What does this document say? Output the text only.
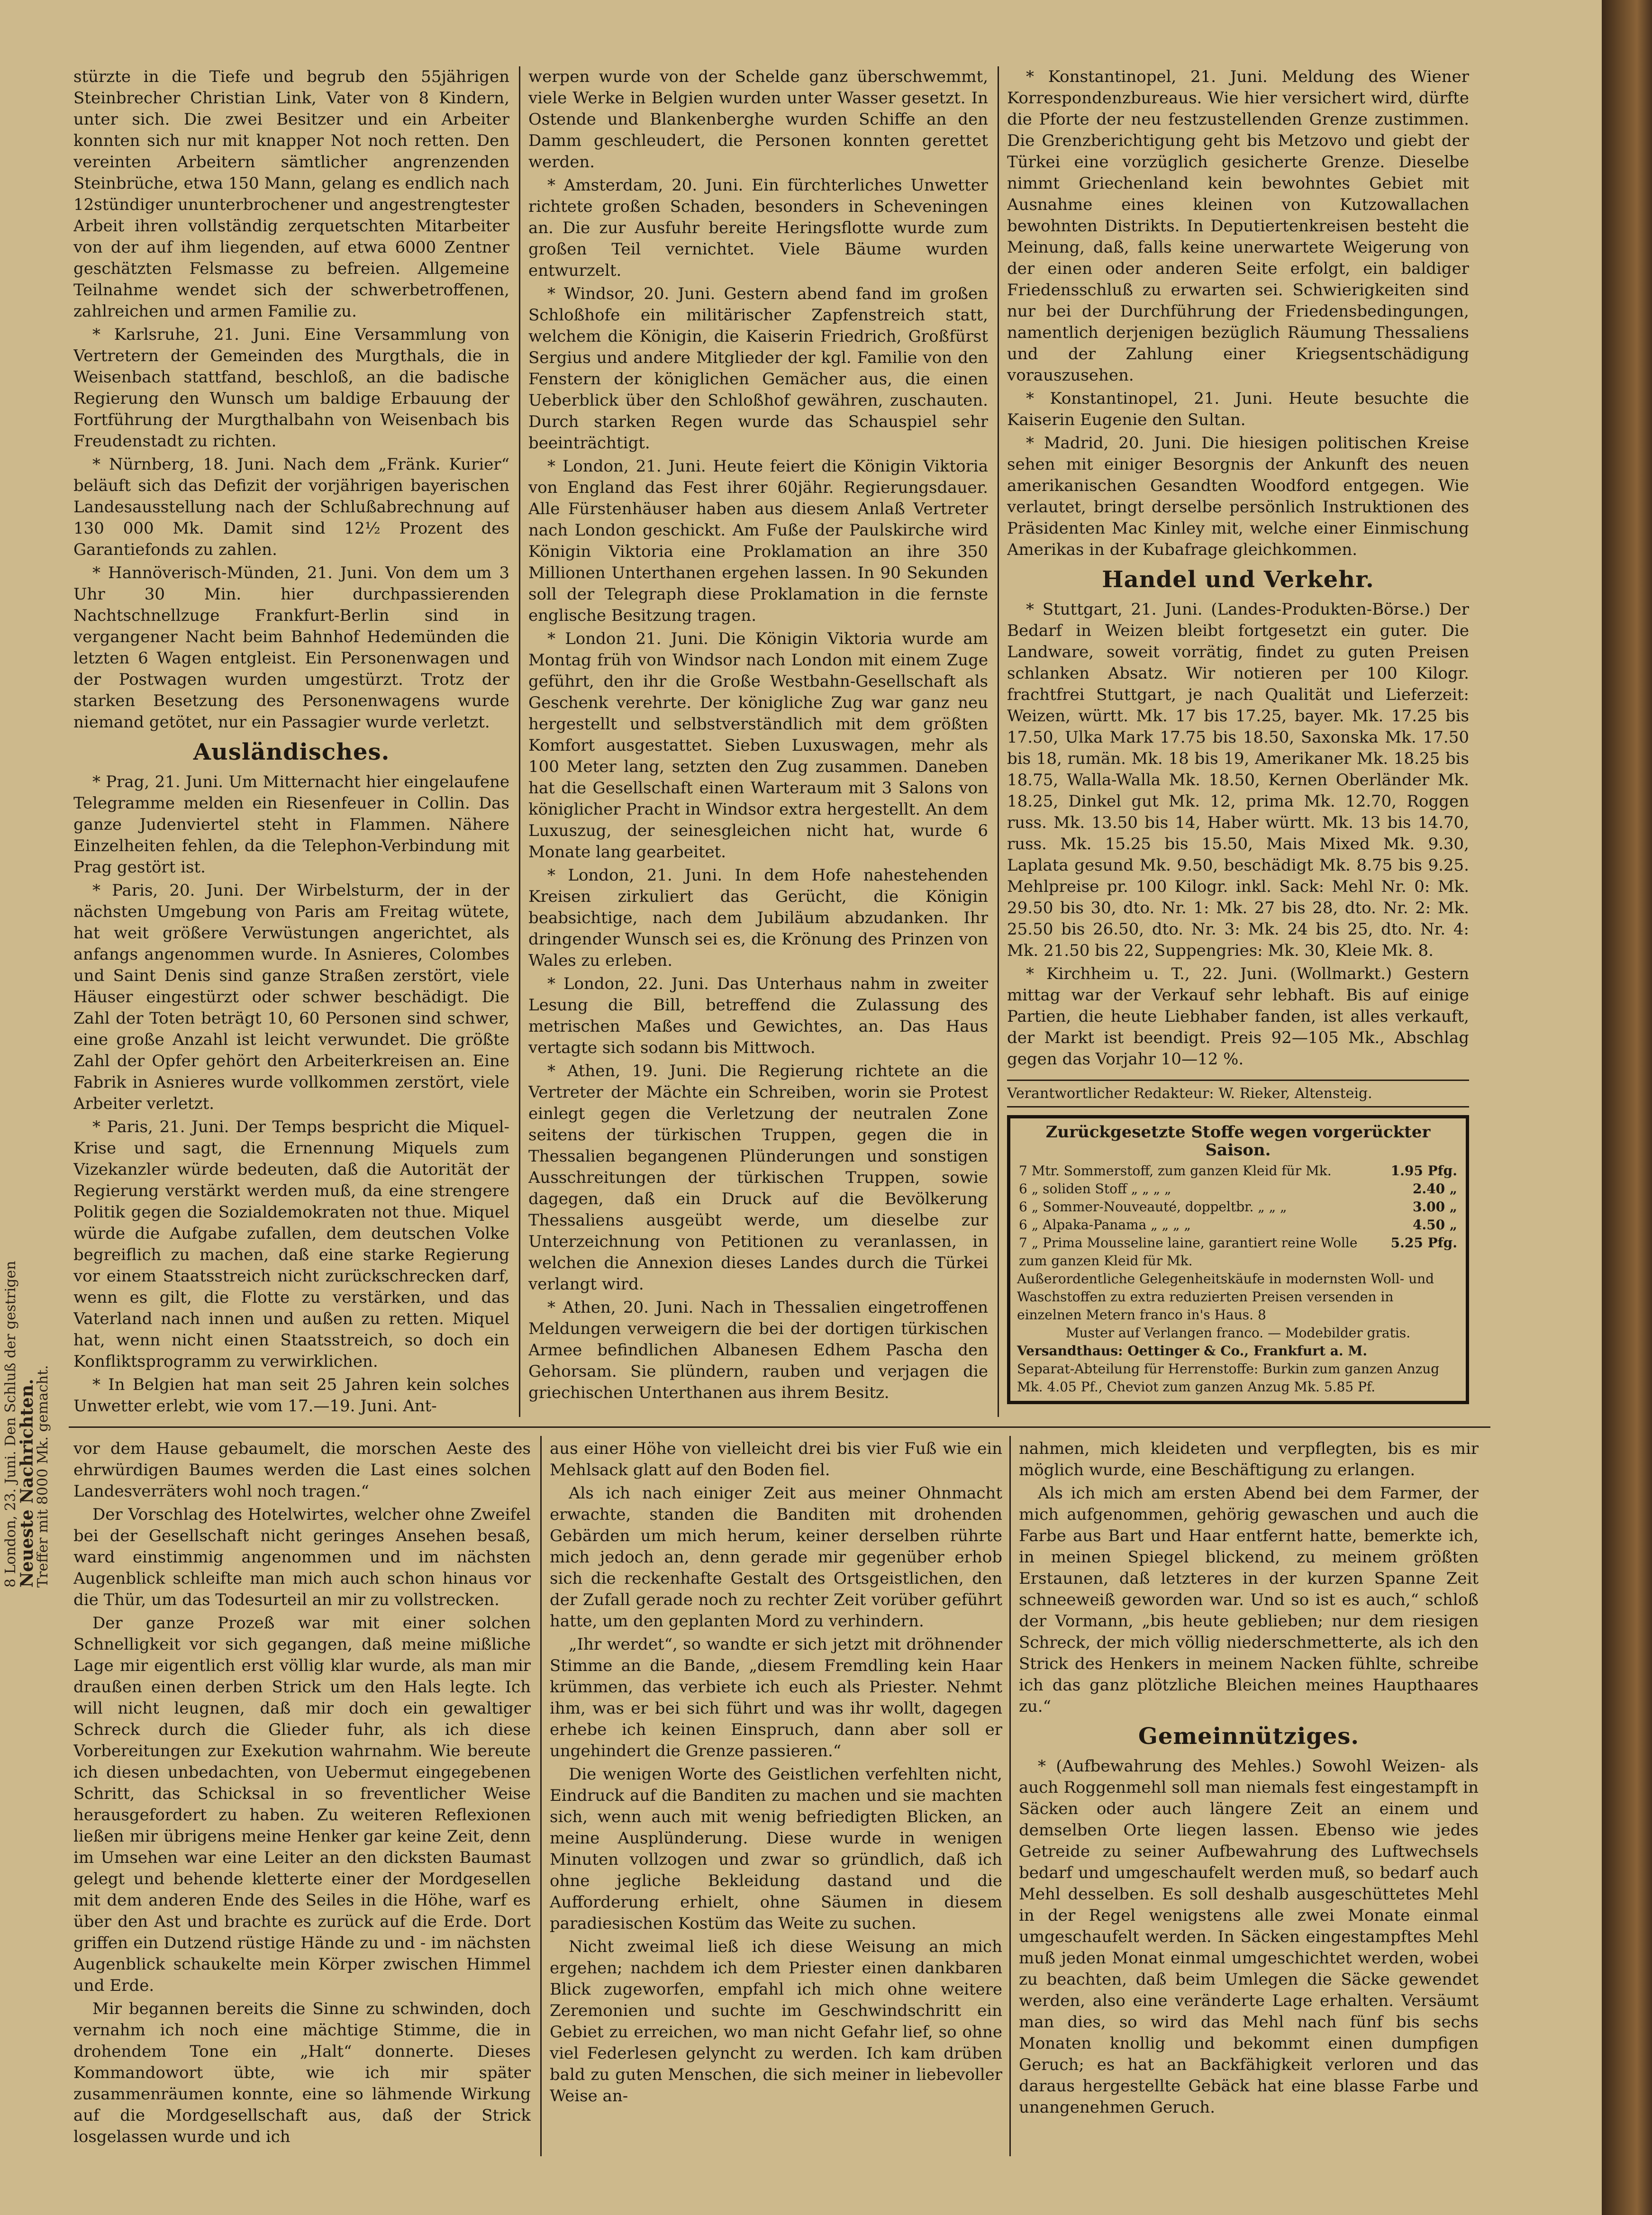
8 London, 23. Juni. Den Schluß der gestrigen
Neueste Nachrichten.
Treffer mit 8000 Mk. gemacht.

stürzte in die Tiefe und begrub den 55jährigen Steinbrecher Christian Link, Vater von 8 Kindern, unter sich. Die zwei Besitzer und ein Arbeiter konnten sich nur mit knapper Not noch retten. Den vereinten Arbeitern sämtlicher angrenzenden Steinbrüche, etwa 150 Mann, gelang es endlich nach 12stündiger ununterbrochener und angestrengtester Arbeit ihren vollständig zerquetschten Mitarbeiter von der auf ihm liegenden, auf etwa 6000 Zentner geschätzten Felsmasse zu befreien. Allgemeine Teilnahme wendet sich der schwerbetroffenen, zahlreichen und armen Familie zu.

* Karlsruhe, 21. Juni. Eine Versammlung von Vertretern der Gemeinden des Murgthals, die in Weisenbach stattfand, beschloß, an die badische Regierung den Wunsch um baldige Erbauung der Fortführung der Murgthalbahn von Weisenbach bis Freudenstadt zu richten.

* Nürnberg, 18. Juni. Nach dem „Fränk. Kurier“ beläuft sich das Defizit der vorjährigen bayerischen Landesausstellung nach der Schlußabrechnung auf 130 000 Mk. Damit sind 12½ Prozent des Garantiefonds zu zahlen.

* Hannöverisch-Münden, 21. Juni. Von dem um 3 Uhr 30 Min. hier durchpassierenden Nachtschnellzuge Frankfurt-Berlin sind in vergangener Nacht beim Bahnhof Hedemünden die letzten 6 Wagen entgleist. Ein Personenwagen und der Postwagen wurden umgestürzt. Trotz der starken Besetzung des Personenwagens wurde niemand getötet, nur ein Passagier wurde verletzt.

Ausländisches.

* Prag, 21. Juni. Um Mitternacht hier eingelaufene Telegramme melden ein Riesenfeuer in Collin. Das ganze Judenviertel steht in Flammen. Nähere Einzelheiten fehlen, da die Telephon-Verbindung mit Prag gestört ist.

* Paris, 20. Juni. Der Wirbelsturm, der in der nächsten Umgebung von Paris am Freitag wütete, hat weit größere Verwüstungen angerichtet, als anfangs angenommen wurde. In Asnieres, Colombes und Saint Denis sind ganze Straßen zerstört, viele Häuser eingestürzt oder schwer beschädigt. Die Zahl der Toten beträgt 10, 60 Personen sind schwer, eine große Anzahl ist leicht verwundet. Die größte Zahl der Opfer gehört den Arbeiterkreisen an. Eine Fabrik in Asnieres wurde vollkommen zerstört, viele Arbeiter verletzt.

* Paris, 21. Juni. Der Temps bespricht die Miquel-Krise und sagt, die Ernennung Miquels zum Vizekanzler würde bedeuten, daß die Autorität der Regierung verstärkt werden muß, da eine strengere Politik gegen die Sozialdemokraten not thue. Miquel würde die Aufgabe zufallen, dem deutschen Volke begreiflich zu machen, daß eine starke Regierung vor einem Staatsstreich nicht zurückschrecken darf, wenn es gilt, die Flotte zu verstärken, und das Vaterland nach innen und außen zu retten. Miquel hat, wenn nicht einen Staatsstreich, so doch ein Konfliktsprogramm zu verwirklichen.

* In Belgien hat man seit 25 Jahren kein solches Unwetter erlebt, wie vom 17.—19. Juni. Ant-

werpen wurde von der Schelde ganz überschwemmt, viele Werke in Belgien wurden unter Wasser gesetzt. In Ostende und Blankenberghe wurden Schiffe an den Damm geschleudert, die Personen konnten gerettet werden.

* Amsterdam, 20. Juni. Ein fürchterliches Unwetter richtete großen Schaden, besonders in Scheveningen an. Die zur Ausfuhr bereite Heringsflotte wurde zum großen Teil vernichtet. Viele Bäume wurden entwurzelt.

* Windsor, 20. Juni. Gestern abend fand im großen Schloßhofe ein militärischer Zapfenstreich statt, welchem die Königin, die Kaiserin Friedrich, Großfürst Sergius und andere Mitglieder der kgl. Familie von den Fenstern der königlichen Gemächer aus, die einen Ueberblick über den Schloßhof gewähren, zuschauten. Durch starken Regen wurde das Schauspiel sehr beeinträchtigt.

* London, 21. Juni. Heute feiert die Königin Viktoria von England das Fest ihrer 60jähr. Regierungsdauer. Alle Fürstenhäuser haben aus diesem Anlaß Vertreter nach London geschickt. Am Fuße der Paulskirche wird Königin Viktoria eine Proklamation an ihre 350 Millionen Unterthanen ergehen lassen. In 90 Sekunden soll der Telegraph diese Proklamation in die fernste englische Besitzung tragen.

* London 21. Juni. Die Königin Viktoria wurde am Montag früh von Windsor nach London mit einem Zuge geführt, den ihr die Große Westbahn-Gesellschaft als Geschenk verehrte. Der königliche Zug war ganz neu hergestellt und selbstverständlich mit dem größten Komfort ausgestattet. Sieben Luxuswagen, mehr als 100 Meter lang, setzten den Zug zusammen. Daneben hat die Gesellschaft einen Warteraum mit 3 Salons von königlicher Pracht in Windsor extra hergestellt. An dem Luxuszug, der seinesgleichen nicht hat, wurde 6 Monate lang gearbeitet.

* London, 21. Juni. In dem Hofe nahestehenden Kreisen zirkuliert das Gerücht, die Königin beabsichtige, nach dem Jubiläum abzudanken. Ihr dringender Wunsch sei es, die Krönung des Prinzen von Wales zu erleben.

* London, 22. Juni. Das Unterhaus nahm in zweiter Lesung die Bill, betreffend die Zulassung des metrischen Maßes und Gewichtes, an. Das Haus vertagte sich sodann bis Mittwoch.

* Athen, 19. Juni. Die Regierung richtete an die Vertreter der Mächte ein Schreiben, worin sie Protest einlegt gegen die Verletzung der neutralen Zone seitens der türkischen Truppen, gegen die in Thessalien begangenen Plünderungen und sonstigen Ausschreitungen der türkischen Truppen, sowie dagegen, daß ein Druck auf die Bevölkerung Thessaliens ausgeübt werde, um dieselbe zur Unterzeichnung von Petitionen zu veranlassen, in welchen die Annexion dieses Landes durch die Türkei verlangt wird.

* Athen, 20. Juni. Nach in Thessalien eingetroffenen Meldungen verweigern die bei der dortigen türkischen Armee befindlichen Albanesen Edhem Pascha den Gehorsam. Sie plündern, rauben und verjagen die griechischen Unterthanen aus ihrem Besitz.

* Konstantinopel, 21. Juni. Meldung des Wiener Korrespondenzbureaus. Wie hier versichert wird, dürfte die Pforte der neu festzustellenden Grenze zustimmen. Die Grenzberichtigung geht bis Metzovo und giebt der Türkei eine vorzüglich gesicherte Grenze. Dieselbe nimmt Griechenland kein bewohntes Gebiet mit Ausnahme eines kleinen von Kutzowallachen bewohnten Distrikts. In Deputiertenkreisen besteht die Meinung, daß, falls keine unerwartete Weigerung von der einen oder anderen Seite erfolgt, ein baldiger Friedensschluß zu erwarten sei. Schwierigkeiten sind nur bei der Durchführung der Friedensbedingungen, namentlich derjenigen bezüglich Räumung Thessaliens und der Zahlung einer Kriegsentschädigung vorauszusehen.

* Konstantinopel, 21. Juni. Heute besuchte die Kaiserin Eugenie den Sultan.

* Madrid, 20. Juni. Die hiesigen politischen Kreise sehen mit einiger Besorgnis der Ankunft des neuen amerikanischen Gesandten Woodford entgegen. Wie verlautet, bringt derselbe persönlich Instruktionen des Präsidenten Mac Kinley mit, welche einer Einmischung Amerikas in der Kubafrage gleichkommen.

Handel und Verkehr.

* Stuttgart, 21. Juni. (Landes-Produkten-Börse.) Der Bedarf in Weizen bleibt fortgesetzt ein guter. Die Landware, soweit vorrätig, findet zu guten Preisen schlanken Absatz. Wir notieren per 100 Kilogr. frachtfrei Stuttgart, je nach Qualität und Lieferzeit: Weizen, württ. Mk. 17 bis 17.25, bayer. Mk. 17.25 bis 17.50, Ulka Mark 17.75 bis 18.50, Saxonska Mk. 17.50 bis 18, rumän. Mk. 18 bis 19, Amerikaner Mk. 18.25 bis 18.75, Walla-Walla Mk. 18.50, Kernen Oberländer Mk. 18.25, Dinkel gut Mk. 12, prima Mk. 12.70, Roggen russ. Mk. 13.50 bis 14, Haber württ. Mk. 13 bis 14.70, russ. Mk. 15.25 bis 15.50, Mais Mixed Mk. 9.30, Laplata gesund Mk. 9.50, beschädigt Mk. 8.75 bis 9.25. Mehlpreise pr. 100 Kilogr. inkl. Sack: Mehl Nr. 0: Mk. 29.50 bis 30, dto. Nr. 1: Mk. 27 bis 28, dto. Nr. 2: Mk. 25.50 bis 26.50, dto. Nr. 3: Mk. 24 bis 25, dto. Nr. 4: Mk. 21.50 bis 22, Suppengries: Mk. 30, Kleie Mk. 8.

* Kirchheim u. T., 22. Juni. (Wollmarkt.) Gestern mittag war der Verkauf sehr lebhaft. Bis auf einige Partien, die heute Liebhaber fanden, ist alles verkauft, der Markt ist beendigt. Preis 92—105 Mk., Abschlag gegen das Vorjahr 10—12 %.

Verantwortlicher Redakteur: W. Rieker, Altensteig.
Zurückgesetzte Stoffe wegen vorgerückter Saison.
7 Mtr. Sommerstoff, zum ganzen Kleid für Mk.	1.95 Pfg.
6 „ soliden Stoff „ „ „ „	2.40 „
6 „ Sommer-Nouveauté, doppeltbr. „ „ „	3.00 „
6 „ Alpaka-Panama „ „ „ „	4.50 „
7 „ Prima Mousseline laine, garantiert reine Wolle zum ganzen Kleid für Mk.	5.25 Pfg.
Außerordentliche Gelegenheitskäufe in modernsten Woll- und Waschstoffen zu extra reduzierten Preisen versenden in einzelnen Metern franco in's Haus. 8
Muster auf Verlangen franco. — Modebilder gratis.
Versandthaus: Oettinger & Co., Frankfurt a. M.
Separat-Abteilung für Herrenstoffe: Burkin zum ganzen Anzug Mk. 4.05 Pf., Cheviot zum ganzen Anzug Mk. 5.85 Pf.

vor dem Hause gebaumelt, die morschen Aeste des ehrwürdigen Baumes werden die Last eines solchen Landesverräters wohl noch tragen.“

Der Vorschlag des Hotelwirtes, welcher ohne Zweifel bei der Gesellschaft nicht geringes Ansehen besaß, ward einstimmig angenommen und im nächsten Augenblick schleifte man mich auch schon hinaus vor die Thür, um das Todesurteil an mir zu vollstrecken.

Der ganze Prozeß war mit einer solchen Schnelligkeit vor sich gegangen, daß meine mißliche Lage mir eigentlich erst völlig klar wurde, als man mir draußen einen derben Strick um den Hals legte. Ich will nicht leugnen, daß mir doch ein gewaltiger Schreck durch die Glieder fuhr, als ich diese Vorbereitungen zur Exekution wahrnahm. Wie bereute ich diesen unbedachten, von Uebermut eingegebenen Schritt, das Schicksal in so freventlicher Weise herausgefordert zu haben. Zu weiteren Reflexionen ließen mir übrigens meine Henker gar keine Zeit, denn im Umsehen war eine Leiter an den dicksten Baumast gelegt und behende kletterte einer der Mordgesellen mit dem anderen Ende des Seiles in die Höhe, warf es über den Ast und brachte es zurück auf die Erde. Dort griffen ein Dutzend rüstige Hände zu und - im nächsten Augenblick schaukelte mein Körper zwischen Himmel und Erde.

Mir begannen bereits die Sinne zu schwinden, doch vernahm ich noch eine mächtige Stimme, die in drohendem Tone ein „Halt“ donnerte. Dieses Kommandowort übte, wie ich mir später zusammenräumen konnte, eine so lähmende Wirkung auf die Mordgesellschaft aus, daß der Strick losgelassen wurde und ich

aus einer Höhe von vielleicht drei bis vier Fuß wie ein Mehlsack glatt auf den Boden fiel.

Als ich nach einiger Zeit aus meiner Ohnmacht erwachte, standen die Banditen mit drohenden Gebärden um mich herum, keiner derselben rührte mich jedoch an, denn gerade mir gegenüber erhob sich die reckenhafte Gestalt des Ortsgeistlichen, den der Zufall gerade noch zu rechter Zeit vorüber geführt hatte, um den geplanten Mord zu verhindern.

„Ihr werdet“, so wandte er sich jetzt mit dröhnender Stimme an die Bande, „diesem Fremdling kein Haar krümmen, das verbiete ich euch als Priester. Nehmt ihm, was er bei sich führt und was ihr wollt, dagegen erhebe ich keinen Einspruch, dann aber soll er ungehindert die Grenze passieren.“

Die wenigen Worte des Geistlichen verfehlten nicht, Eindruck auf die Banditen zu machen und sie machten sich, wenn auch mit wenig befriedigten Blicken, an meine Ausplünderung. Diese wurde in wenigen Minuten vollzogen und zwar so gründlich, daß ich ohne jegliche Bekleidung dastand und die Aufforderung erhielt, ohne Säumen in diesem paradiesischen Kostüm das Weite zu suchen.

Nicht zweimal ließ ich diese Weisung an mich ergehen; nachdem ich dem Priester einen dankbaren Blick zugeworfen, empfahl ich mich ohne weitere Zeremonien und suchte im Geschwindschritt ein Gebiet zu erreichen, wo man nicht Gefahr lief, so ohne viel Federlesen gelyncht zu werden. Ich kam drüben bald zu guten Menschen, die sich meiner in liebevoller Weise an-

nahmen, mich kleideten und verpflegten, bis es mir möglich wurde, eine Beschäftigung zu erlangen.

Als ich mich am ersten Abend bei dem Farmer, der mich aufgenommen, gehörig gewaschen und auch die Farbe aus Bart und Haar entfernt hatte, bemerkte ich, in meinen Spiegel blickend, zu meinem größten Erstaunen, daß letzteres in der kurzen Spanne Zeit schneeweiß geworden war. Und so ist es auch,“ schloß der Vormann, „bis heute geblieben; nur dem riesigen Schreck, der mich völlig niederschmetterte, als ich den Strick des Henkers in meinem Nacken fühlte, schreibe ich das ganz plötzliche Bleichen meines Haupthaares zu.“

Gemeinnütziges.

* (Aufbewahrung des Mehles.) Sowohl Weizen- als auch Roggenmehl soll man niemals fest eingestampft in Säcken oder auch längere Zeit an einem und demselben Orte liegen lassen. Ebenso wie jedes Getreide zu seiner Aufbewahrung des Luftwechsels bedarf und umgeschaufelt werden muß, so bedarf auch Mehl desselben. Es soll deshalb ausgeschüttetes Mehl in der Regel wenigstens alle zwei Monate einmal umgeschaufelt werden. In Säcken eingestampftes Mehl muß jeden Monat einmal umgeschichtet werden, wobei zu beachten, daß beim Umlegen die Säcke gewendet werden, also eine veränderte Lage erhalten. Versäumt man dies, so wird das Mehl nach fünf bis sechs Monaten knollig und bekommt einen dumpfigen Geruch; es hat an Backfähigkeit verloren und das daraus hergestellte Gebäck hat eine blasse Farbe und unangenehmen Geruch.
